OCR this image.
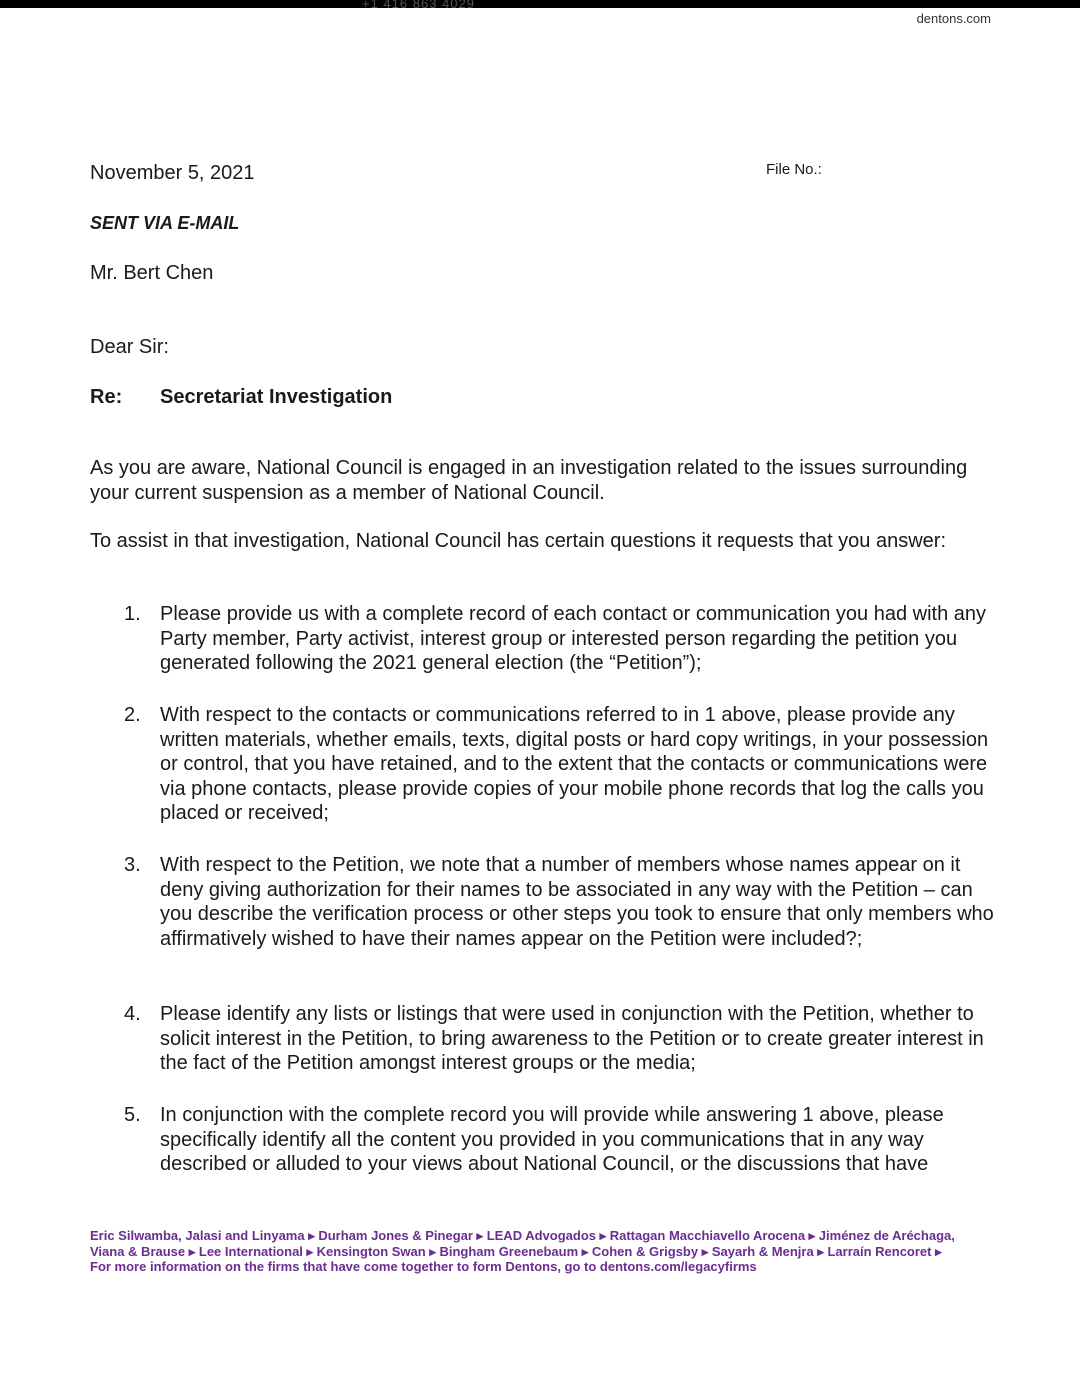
+1 416 863 4029
dentons.com
November 5, 2021	File No.:
SENT VIA E-MAIL
Mr. Bert Chen
Dear Sir:
Re: Secretariat Investigation
As you are aware, National Council is engaged in an investigation related to the issues surrounding your current suspension as a member of National Council.
To assist in that investigation, National Council has certain questions it requests that you answer:
1. Please provide us with a complete record of each contact or communication you had with any Party member, Party activist, interest group or interested person regarding the petition you generated following the 2021 general election (the “Petition”);
2. With respect to the contacts or communications referred to in 1 above, please provide any written materials, whether emails, texts, digital posts or hard copy writings, in your possession or control, that you have retained, and to the extent that the contacts or communications were via phone contacts, please provide copies of your mobile phone records that log the calls you placed or received;
3. With respect to the Petition, we note that a number of members whose names appear on it deny giving authorization for their names to be associated in any way with the Petition – can you describe the verification process or other steps you took to ensure that only members who affirmatively wished to have their names appear on the Petition were included?;
4. Please identify any lists or listings that were used in conjunction with the Petition, whether to solicit interest in the Petition, to bring awareness to the Petition or to create greater interest in the fact of the Petition amongst interest groups or the media;
5. In conjunction with the complete record you will provide while answering 1 above, please specifically identify all the content you provided in you communications that in any way described or alluded to your views about National Council, or the discussions that have
Eric Silwamba, Jalasi and Linyama ▸ Durham Jones & Pinegar ▸ LEAD Advogados ▸ Rattagan Macchiavello Arocena ▸ Jiménez de Aréchaga,
Viana & Brause ▸ Lee International ▸ Kensington Swan ▸ Bingham Greenebaum ▸ Cohen & Grigsby ▸ Sayarh & Menjra ▸ Larraín Rencoret ▸
For more information on the firms that have come together to form Dentons, go to dentons.com/legacyfirms
